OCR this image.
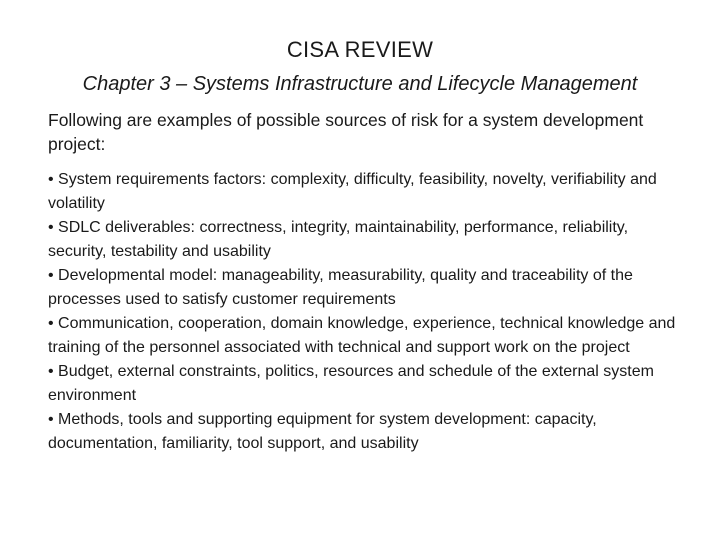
CISA REVIEW
Chapter 3 – Systems Infrastructure and Lifecycle Management
Following are examples of possible sources of risk for a system development project:
• System requirements factors: complexity, difficulty, feasibility, novelty, verifiability and volatility
• SDLC deliverables: correctness, integrity, maintainability, performance, reliability, security, testability and usability
• Developmental model: manageability, measurability, quality and traceability of the processes used to satisfy customer requirements
• Communication, cooperation, domain knowledge, experience, technical knowledge and training of the personnel associated with technical and support work on the project
• Budget, external constraints, politics, resources and schedule of the external system environment
• Methods, tools and supporting equipment for system development: capacity, documentation, familiarity, tool support, and usability
